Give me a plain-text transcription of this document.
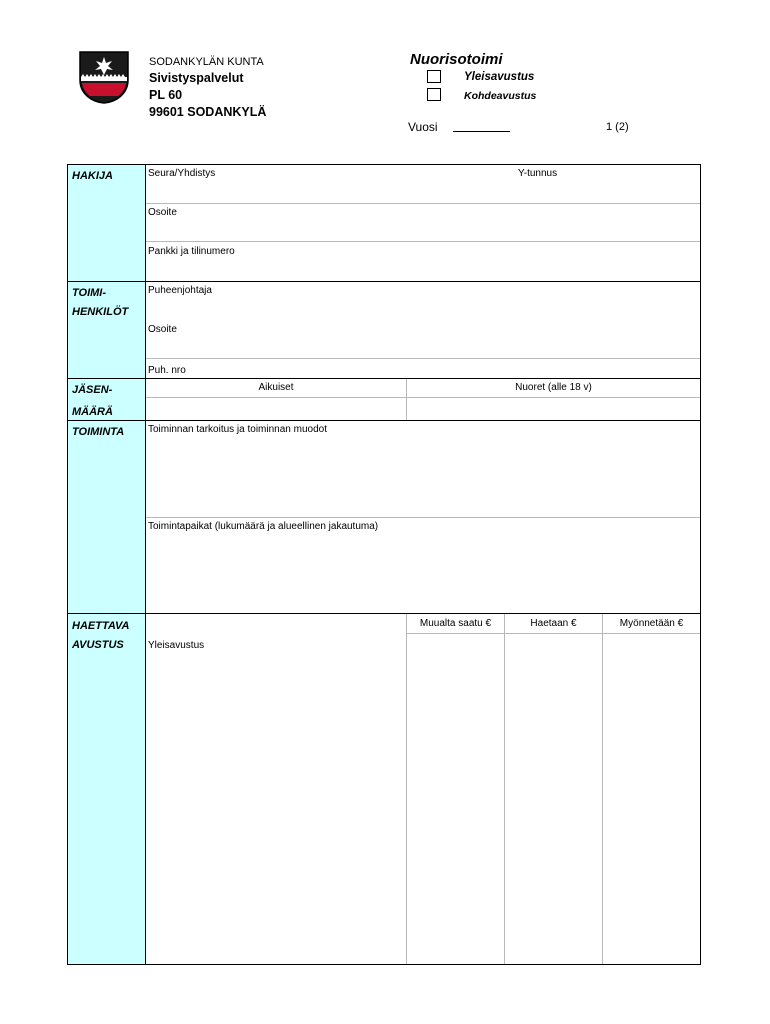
SODANKYLÄN KUNTA
Sivistyspalvelut
PL 60
99601 SODANKYLÄ
Nuorisotoimi
Yleisavustus
Kohdeavustus
Vuosi	1 (2)
HAKIJA	Seura/Yhdistys	Y-tunnus
Osoite
Pankki ja tilinumero
TOIMI-
HENKILÖT
Puheenjohtaja
Osoite
Puh. nro
JÄSEN-
MÄÄRÄ
Aikuiset	Nuoret (alle 18 v)
TOIMINTA Toiminnan tarkoitus ja toiminnan muodot
Toimintapaikat (lukumäärä ja alueellinen jakautuma)
HAETTAVA
AVUSTUS
Muualta saatu €	Haetaan €	Myönnetään €
Yleisavustus
